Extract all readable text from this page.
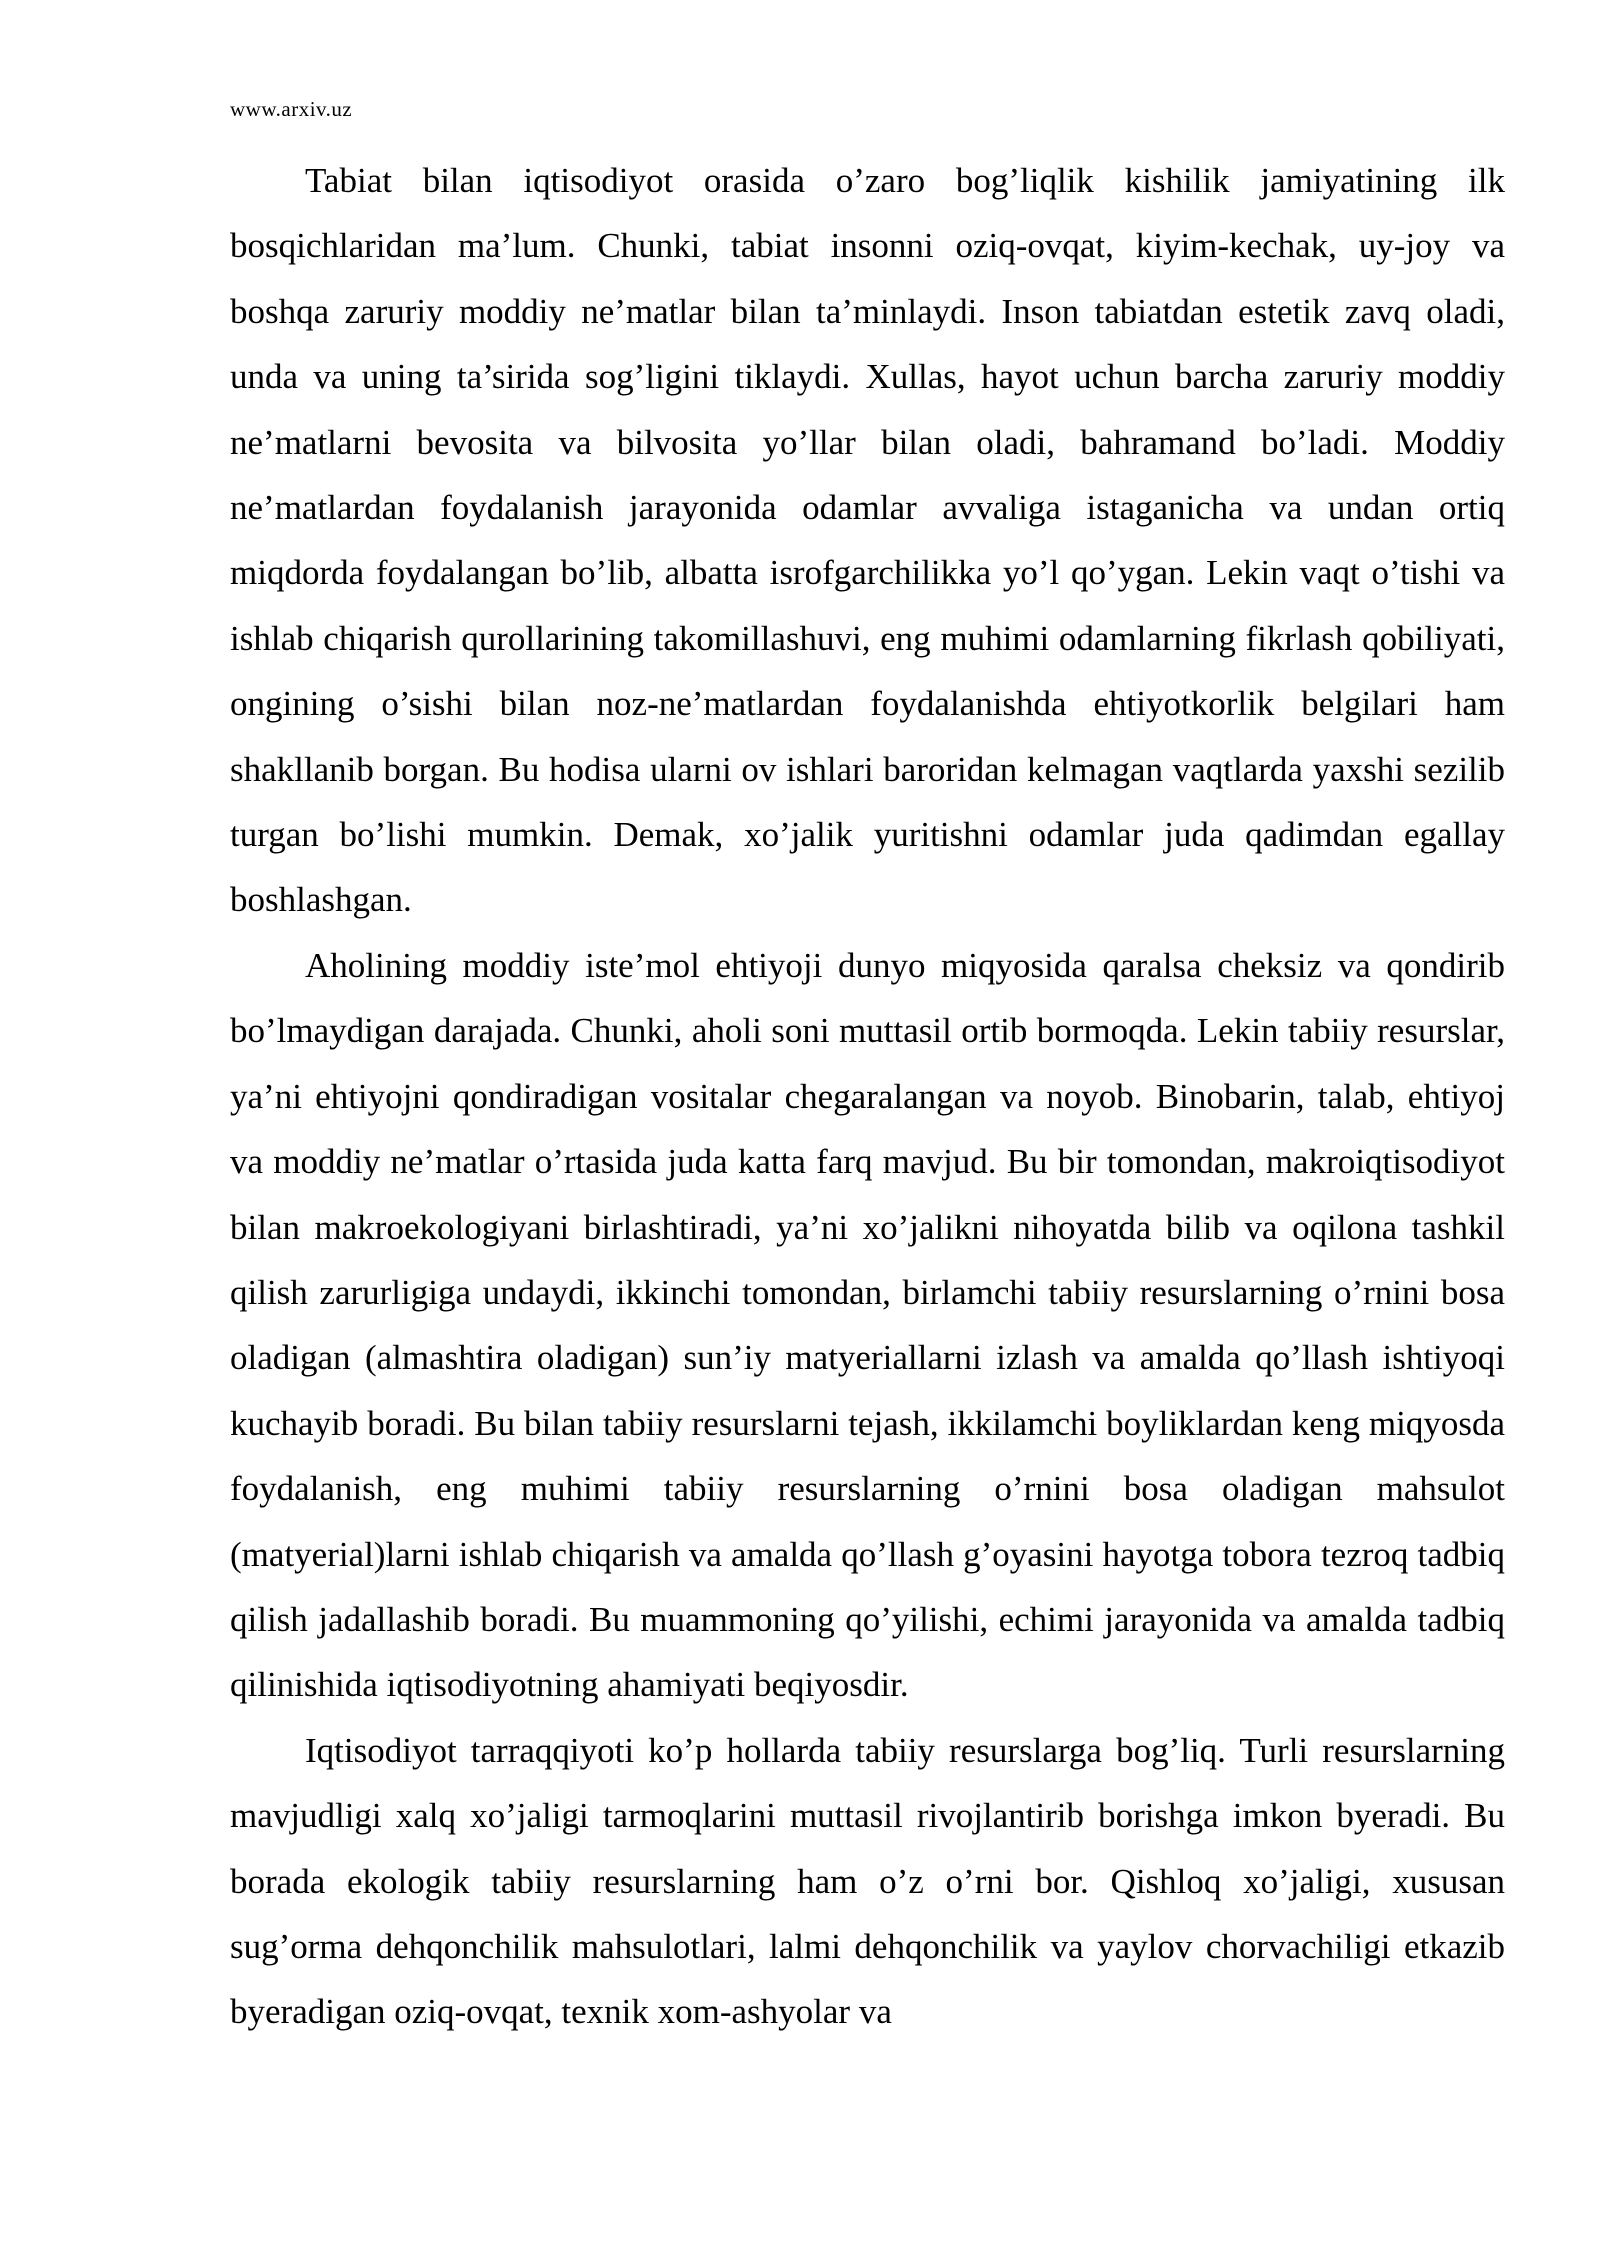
www.arxiv.uz

Tabiat bilan iqtisodiyot orasida o’zaro bog’liqlik kishilik jamiyatining ilk bosqichlaridan ma’lum. Chunki, tabiat insonni oziq-ovqat, kiyim-kechak, uy-joy va boshqa zaruriy moddiy ne’matlar bilan ta’minlaydi. Inson tabiatdan estetik zavq oladi, unda va uning ta’sirida sog’ligini tiklaydi. Xullas, hayot uchun barcha zaruriy moddiy ne’matlarni bevosita va bilvosita yo’llar bilan oladi, bahramand bo’ladi. Moddiy ne’matlardan foydalanish jarayonida odamlar avvaliga istaganicha va undan ortiq miqdorda foydalangan bo’lib, albatta isrofgarchilikka yo’l qo’ygan. Lekin vaqt o’tishi va ishlab chiqarish qurollarining takomillashuvi, eng muhimi odamlarning fikrlash qobiliyati, ongining o’sishi bilan noz-ne’matlardan foydalanishda ehtiyotkorlik belgilari ham shakllanib borgan. Bu hodisa ularni ov ishlari baroridan kelmagan vaqtlarda yaxshi sezilib turgan bo’lishi mumkin. Demak, xo’jalik yuritishni odamlar juda qadimdan egallay boshlashgan.

Aholining moddiy iste’mol ehtiyoji dunyo miqyosida qaralsa cheksiz va qondirib bo’lmaydigan darajada. Chunki, aholi soni muttasil ortib bormoqda. Lekin tabiiy resurslar, ya’ni ehtiyojni qondiradigan vositalar chegaralangan va noyob. Binobarin, talab, ehtiyoj va moddiy ne’matlar o’rtasida juda katta farq mavjud. Bu bir tomondan, makroiqtisodiyot bilan makroekologiyani birlashtiradi, ya’ni xo’jalikni nihoyatda bilib va oqilona tashkil qilish zarurligiga undaydi, ikkinchi tomondan, birlamchi tabiiy resurslarning o’rnini bosa oladigan (almashtira oladigan) sun’iy matyeriallarni izlash va amalda qo’llash ishtiyoqi kuchayib boradi. Bu bilan tabiiy resurslarni tejash, ikkilamchi boyliklardan keng miqyosda foydalanish, eng muhimi tabiiy resurslarning o’rnini bosa oladigan mahsulot (matyerial)larni ishlab chiqarish va amalda qo’llash g’oyasini hayotga tobora tezroq tadbiq qilish jadallashib boradi. Bu muammoning qo’yilishi, echimi jarayonida va amalda tadbiq qilinishida iqtisodiyotning ahamiyati beqiyosdir.

Iqtisodiyot tarraqqiyoti ko’p hollarda tabiiy resurslarga bog’liq. Turli resurslarning mavjudligi xalq xo’jaligi tarmoqlarini muttasil rivojlantirib borishga imkon byeradi. Bu borada ekologik tabiiy resurslarning ham o’z o’rni bor. Qishloq xo’jaligi, xususan sug’orma dehqonchilik mahsulotlari, lalmi dehqonchilik va yaylov chorvachiligi etkazib byeradigan oziq-ovqat, texnik xom-ashyolar va
